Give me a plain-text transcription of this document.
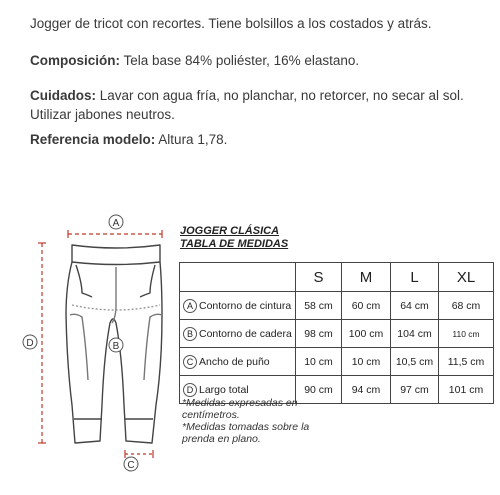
Jogger de tricot con recortes. Tiene bolsillos a los costados y atrás.

Composición: Tela base 84% poliéster, 16% elastano.

Cuidados: Lavar con agua fría, no planchar, no retorcer, no secar al sol. Utilizar jabones neutros.

Referencia modelo: Altura 1,78.

A
D	B
C
JOGGER CLÁSICA
TABLA DE MEDIDAS
	S	M	L	XL
A Contorno de cintura	58 cm	60 cm	64 cm	68 cm
B Contorno de cadera	98 cm	100 cm	104 cm	110 cm
C Ancho de puño	10 cm	10 cm	10,5 cm	11,5 cm
D Largo total	90 cm	94 cm	97 cm	101 cm
*Medidas expresadas en centímetros.
*Medidas tomadas sobre la prenda en plano.
